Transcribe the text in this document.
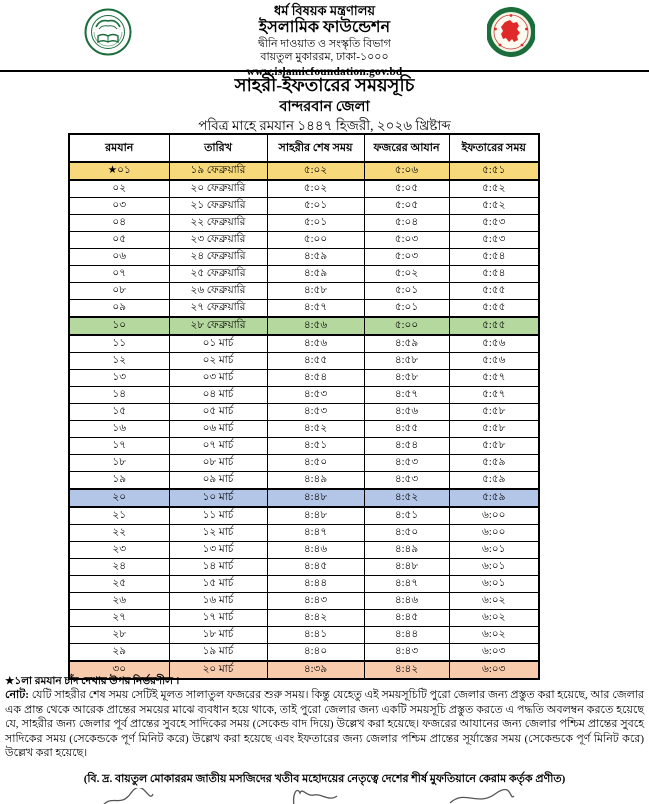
ধর্ম বিষয়ক মন্ত্রণালয়
ইসলামিক ফাউন্ডেশন
দ্বীনি দাওয়াত ও সংস্কৃতি বিভাগ
বায়তুল মুকাররম, ঢাকা-১০০০
সাহরী-ইফতারের সময়সূচি
বান্দরবান জেলা
পবিত্র মাহে রমযান ১৪৪৭ হিজরী, ২০২৬ খ্রিষ্টাব্দ
রমযান	তারিখ	সাহরীর শেষ সময়	ফজরের আযান	ইফতারের সময়
★০১	১৯ ফেব্রুয়ারি	৫:০২	৫:০৬	৫:৫১
০২	২০ ফেব্রুয়ারি	৫:০২	৫:০৫	৫:৫২
০৩	২১ ফেব্রুয়ারি	৫:০১	৫:০৫	৫:৫২
০৪	২২ ফেব্রুয়ারি	৫:০১	৫:০৪	৫:৫৩
০৫	২৩ ফেব্রুয়ারি	৫:০০	৫:০৩	৫:৫৩
০৬	২৪ ফেব্রুয়ারি	৪:৫৯	৫:০৩	৫:৫৪
০৭	২৫ ফেব্রুয়ারি	৪:৫৯	৫:০২	৫:৫৪
০৮	২৬ ফেব্রুয়ারি	৪:৫৮	৫:০১	৫:৫৫
০৯	২৭ ফেব্রুয়ারি	৪:৫৭	৫:০১	৫:৫৫
১০	২৮ ফেব্রুয়ারি	৪:৫৬	৫:০০	৫:৫৫
১১	০১ মার্চ	৪:৫৬	৪:৫৯	৫:৫৬
১২	০২ মার্চ	৪:৫৫	৪:৫৮	৫:৫৬
১৩	০৩ মার্চ	৪:৫৪	৪:৫৮	৫:৫৭
১৪	০৪ মার্চ	৪:৫৩	৪:৫৭	৫:৫৭
১৫	০৫ মার্চ	৪:৫৩	৪:৫৬	৫:৫৮
১৬	০৬ মার্চ	৪:৫২	৪:৫৫	৫:৫৮
১৭	০৭ মার্চ	৪:৫১	৪:৫৪	৫:৫৮
১৮	০৮ মার্চ	৪:৫০	৪:৫৩	৫:৫৯
১৯	০৯ মার্চ	৪:৪৯	৪:৫৩	৫:৫৯
২০	১০ মার্চ	৪:৪৮	৪:৫২	৫:৫৯
২১	১১ মার্চ	৪:৪৮	৪:৫১	৬:০০
২২	১২ মার্চ	৪:৪৭	৪:৫০	৬:০০
২৩	১৩ মার্চ	৪:৪৬	৪:৪৯	৬:০১
২৪	১৪ মার্চ	৪:৪৫	৪:৪৮	৬:০১
২৫	১৫ মার্চ	৪:৪৪	৪:৪৭	৬:০১
২৬	১৬ মার্চ	৪:৪৩	৪:৪৬	৬:০২
২৭	১৭ মার্চ	৪:৪২	৪:৪৫	৬:০২
২৮	১৮ মার্চ	৪:৪১	৪:৪৪	৬:০২
২৯	১৯ মার্চ	৪:৪০	৪:৪৩	৬:০৩
৩০	২০ মার্চ	৪:৩৯	৪:৪২	৬:০৩
★১লা রমযান চাঁদ দেখার উপর নির্ভরশীল ।

নোট: যেটি সাহরীর শেষ সময় সেটিই মূলত সালাতুল ফজরের শুরু সময়। কিন্তু যেহেতু এই সময়সূচিটি পুরো জেলার জন্য প্রস্তুত করা হয়েছে, আর জেলার এক প্রান্ত থেকে আরেক প্রান্তের সময়ের মাঝে ব্যবধান হয়ে থাকে, তাই পুরো জেলার জন্য একটি সময়সূচি প্রস্তুত করতে এ পদ্ধতি অবলম্বন করতে হয়েছে যে, সাহরীর জন্য জেলার পূর্ব প্রান্তের সুবহে সাদিকের সময় (সেকেন্ড বাদ দিয়ে) উল্লেখ করা হয়েছে। ফজরের আযানের জন্য জেলার পশ্চিম প্রান্তের সুবহে সাদিকের সময় (সেকেন্ডকে পূর্ণ মিনিট করে) উল্লেখ করা হয়েছে এবং ইফতারের জন্য জেলার পশ্চিম প্রান্তের সূর্যাস্তের সময় (সেকেন্ডকে পূর্ণ মিনিট করে) উল্লেখ করা হয়েছে।

(বি. দ্র. বায়তুল মোকাররম জাতীয় মসজিদের খতীব মহোদয়ের নেতৃত্বে দেশের শীর্ষ মুফতিয়ানে কেরাম কর্তৃক প্রণীত)
